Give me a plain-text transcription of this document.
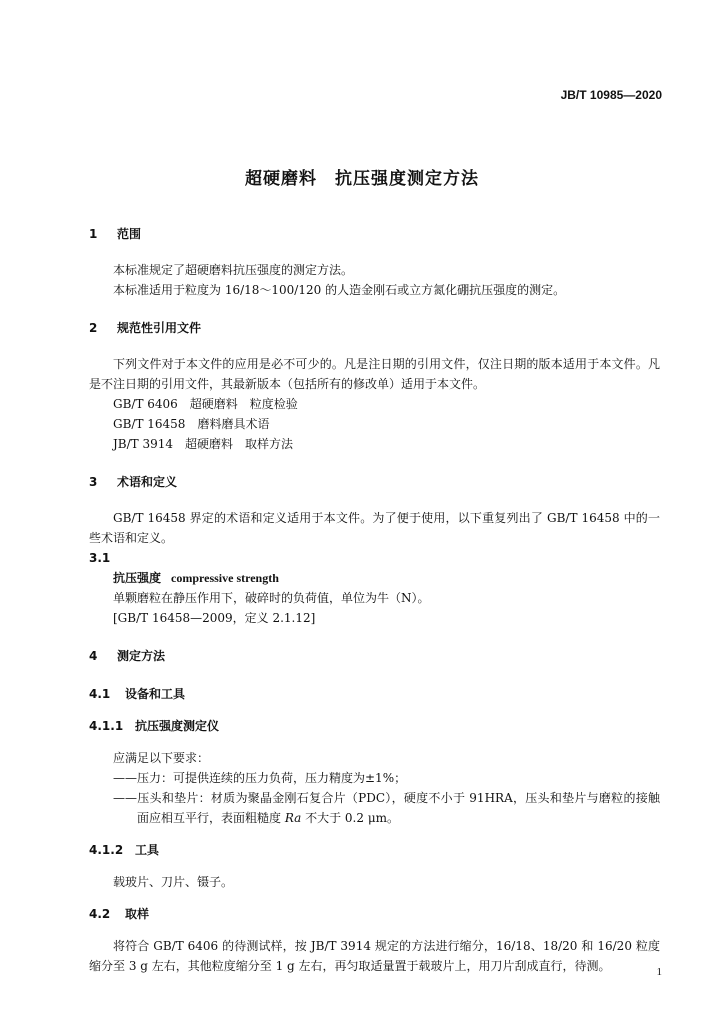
JB/T 10985—2020
超硬磨料　抗压强度测定方法
1 范围

本标准规定了超硬磨料抗压强度的测定方法。

本标准适用于粒度为 16/18～100/120 的人造金刚石或立方氮化硼抗压强度的测定。

2 规范性引用文件

下列文件对于本文件的应用是必不可少的。凡是注日期的引用文件，仅注日期的版本适用于本文件。凡是不注日期的引用文件，其最新版本（包括所有的修改单）适用于本文件。

GB/T 6406　超硬磨料　粒度检验

GB/T 16458　磨料磨具术语

JB/T 3914　超硬磨料　取样方法

3 术语和定义

GB/T 16458 界定的术语和定义适用于本文件。为了便于使用，以下重复列出了 GB/T 16458 中的一些术语和定义。

3.1

抗压强度 compressive strength

单颗磨粒在静压作用下，破碎时的负荷值，单位为牛（N）。

[GB/T 16458—2009，定义 2.1.12]

4 测定方法
4.1 设备和工具
4.1.1 抗压强度测定仪

应满足以下要求：

——压力：可提供连续的压力负荷，压力精度为±1%；

——压头和垫片：材质为聚晶金刚石复合片（PDC），硬度不小于 91HRA，压头和垫片与磨粒的接触面应相互平行，表面粗糙度 Ra 不大于 0.2 μm。

4.1.2 工具

载玻片、刀片、镊子。

4.2 取样

将符合 GB/T 6406 的待测试样，按 JB/T 3914 规定的方法进行缩分，16/18、18/20 和 16/20 粒度缩分至 3 g 左右，其他粒度缩分至 1 g 左右，再匀取适量置于载玻片上，用刀片刮成直行，待测。	1
